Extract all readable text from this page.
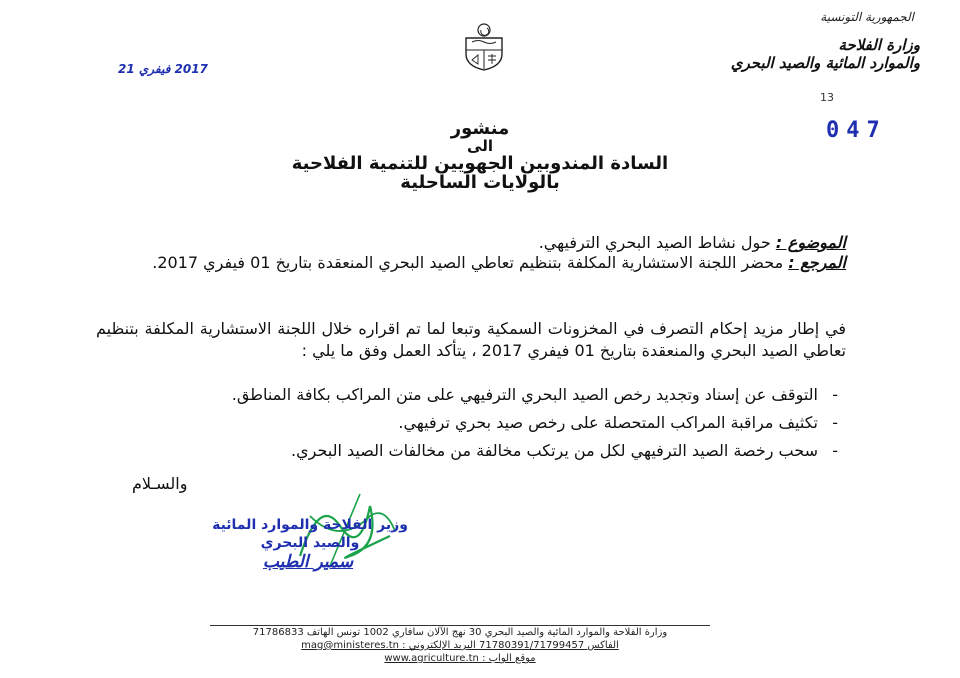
الجمهورية التونسية
وزارة الفلاحة
والموارد المائية والصيد البحري
13
047
2017 فيفري 21
منشور
الى
السادة المندوبين الجهويين للتنمية الفلاحية
بالولايات الساحلية
الموضوع : حول نشاط الصيد البحري الترفيهي.
المرجع : محضر اللجنة الاستشارية المكلفة بتنظيم تعاطي الصيد البحري المنعقدة بتاريخ 01 فيفري 2017.
في إطار مزيد إحكام التصرف في المخزونات السمكية وتبعا لما تم اقراره خلال اللجنة الاستشارية المكلفة بتنظيم تعاطي الصيد البحري والمنعقدة بتاريخ 01 فيفري 2017 ، يتأكد العمل وفق ما يلي :
- التوقف عن إسناد وتجديد رخص الصيد البحري الترفيهي على متن المراكب بكافة المناطق.
- تكثيف مراقبة المراكب المتحصلة على رخص صيد بحري ترفيهي.
- سحب رخصة الصيد الترفيهي لكل من يرتكب مخالفة من مخالفات الصيد البحري.
والسـلام
وزير الفلاحة والموارد المائية
والصيد البحري
سمير الطيب
وزارة الفلاحة والموارد المائية والصيد البحري 30 نهج الآلان سافاري 1002 تونس الهاتف 71786833
الفاكس 71780391/71799457 البريد الإلكتروني : mag@ministeres.tn
موقع الواب : www.agriculture.tn
